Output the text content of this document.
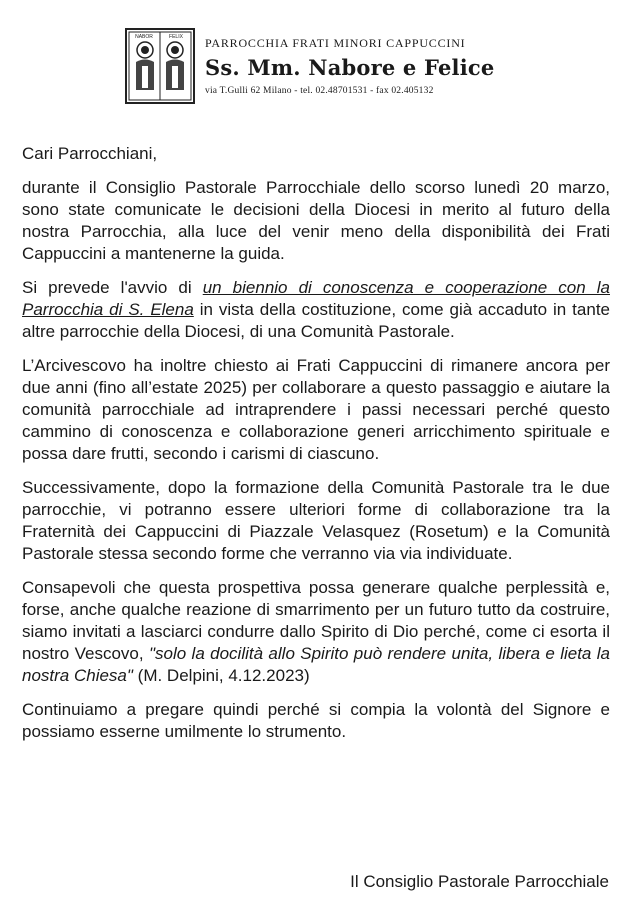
NABOR	FELIX PARROCCHIA FRATI MINORI CAPPUCCINI
Ss. Mm. Nabore e Felice
via T.Gulli 62 Milano - tel. 02.48701531 - fax 02.405132

Cari Parrocchiani,

durante il Consiglio Pastorale Parrocchiale dello scorso lunedì 20 marzo, sono state comunicate le decisioni della Diocesi in merito al futuro della nostra Parrocchia, alla luce del venir meno della disponibilità dei Frati Cappuccini a mantenerne la guida.

Si prevede l'avvio di un biennio di conoscenza e cooperazione con la Parrocchia di S. Elena in vista della costituzione, come già accaduto in tante altre parrocchie della Diocesi, di una Comunità Pastorale.

L’Arcivescovo ha inoltre chiesto ai Frati Cappuccini di rimanere ancora per due anni (fino all’estate 2025) per collaborare a questo passaggio e aiutare la comunità parrocchiale ad intraprendere i passi necessari perché questo cammino di conoscenza e collaborazione generi arricchimento spirituale e possa dare frutti, secondo i carismi di ciascuno.

Successivamente, dopo la formazione della Comunità Pastorale tra le due parrocchie, vi potranno essere ulteriori forme di collaborazione tra la Fraternità dei Cappuccini di Piazzale Velasquez (Rosetum) e la Comunità Pastorale stessa secondo forme che verranno via via individuate.

Consapevoli che questa prospettiva possa generare qualche perplessità e, forse, anche qualche reazione di smarrimento per un futuro tutto da costruire, siamo invitati a lasciarci condurre dallo Spirito di Dio perché, come ci esorta il nostro Vescovo, "solo la docilità allo Spirito può rendere unita, libera e lieta la nostra Chiesa" (M. Delpini, 4.12.2023)

Continuiamo a pregare quindi perché si compia la volontà del Signore e possiamo esserne umilmente lo strumento.

Il Consiglio Pastorale Parrocchiale
